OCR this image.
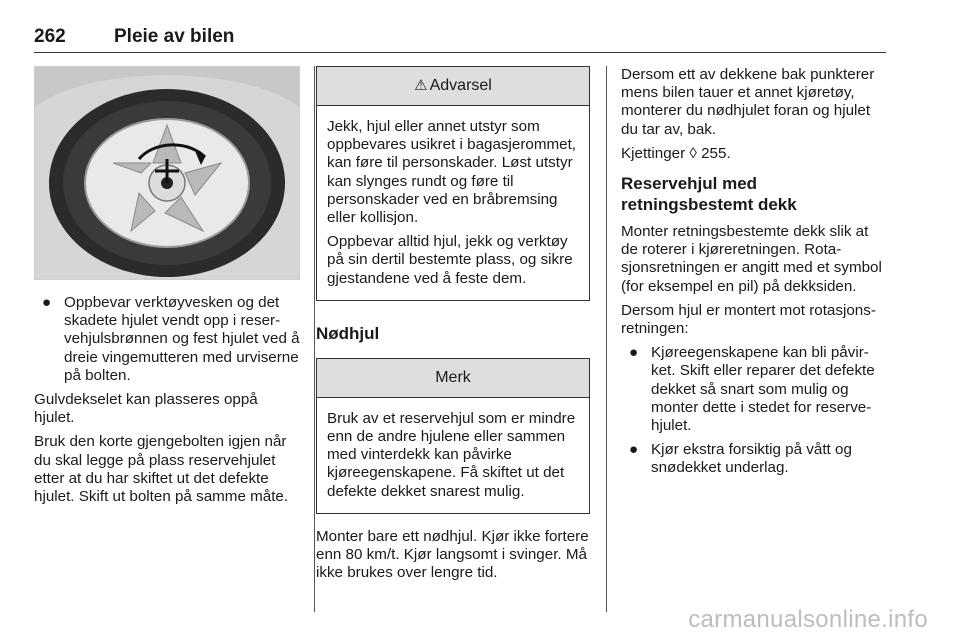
262	Pleie av bilen
● Oppbevar verktøyvesken og det skadete hjulet vendt opp i reservehjulsbrønnen og fest hjulet ved å dreie vingemutteren med urviserne på bolten.

Gulvdekselet kan plasseres oppå hjulet.

Bruk den korte gjengebolten igjen når du skal legge på plass reservehjulet etter at du har skiftet ut det defekte hjulet. Skift ut bolten på samme måte.

⚠ Advarsel

Jekk, hjul eller annet utstyr som oppbevares usikret i bagasjerommet, kan føre til personskader. Løst utstyr kan slynges rundt og føre til personskader ved en bråbremsing eller kollisjon.

Oppbevar alltid hjul, jekk og verktøy på sin dertil bestemte plass, og sikre gjestandene ved å feste dem.

Nødhjul
Merk

Bruk av et reservehjul som er mindre enn de andre hjulene eller sammen med vinterdekk kan påvirke kjøreegenskapene. Få skiftet ut det defekte dekket snarest mulig.

Monter bare ett nødhjul. Kjør ikke fortere enn 80 km/t. Kjør langsomt i svinger. Må ikke brukes over lengre tid.

Dersom ett av dekkene bak punkterer mens bilen tauer et annet kjøretøy, monterer du nødhjulet foran og hjulet du tar av, bak.

Kjettinger ◊ 255.

Reservehjul med retningsbestemt dekk

Monter retningsbestemte dekk slik at de roterer i kjøreretningen. Rotasjonsretningen er angitt med et symbol (for eksempel en pil) på dekksiden.

Dersom hjul er montert mot rotasjonsretningen:

● Kjøreegenskapene kan bli påvirket. Skift eller reparer det defekte dekket så snart som mulig og monter dette i stedet for reservehjulet.
● Kjør ekstra forsiktig på vått og snødekket underlag.
carmanualsonline.info
